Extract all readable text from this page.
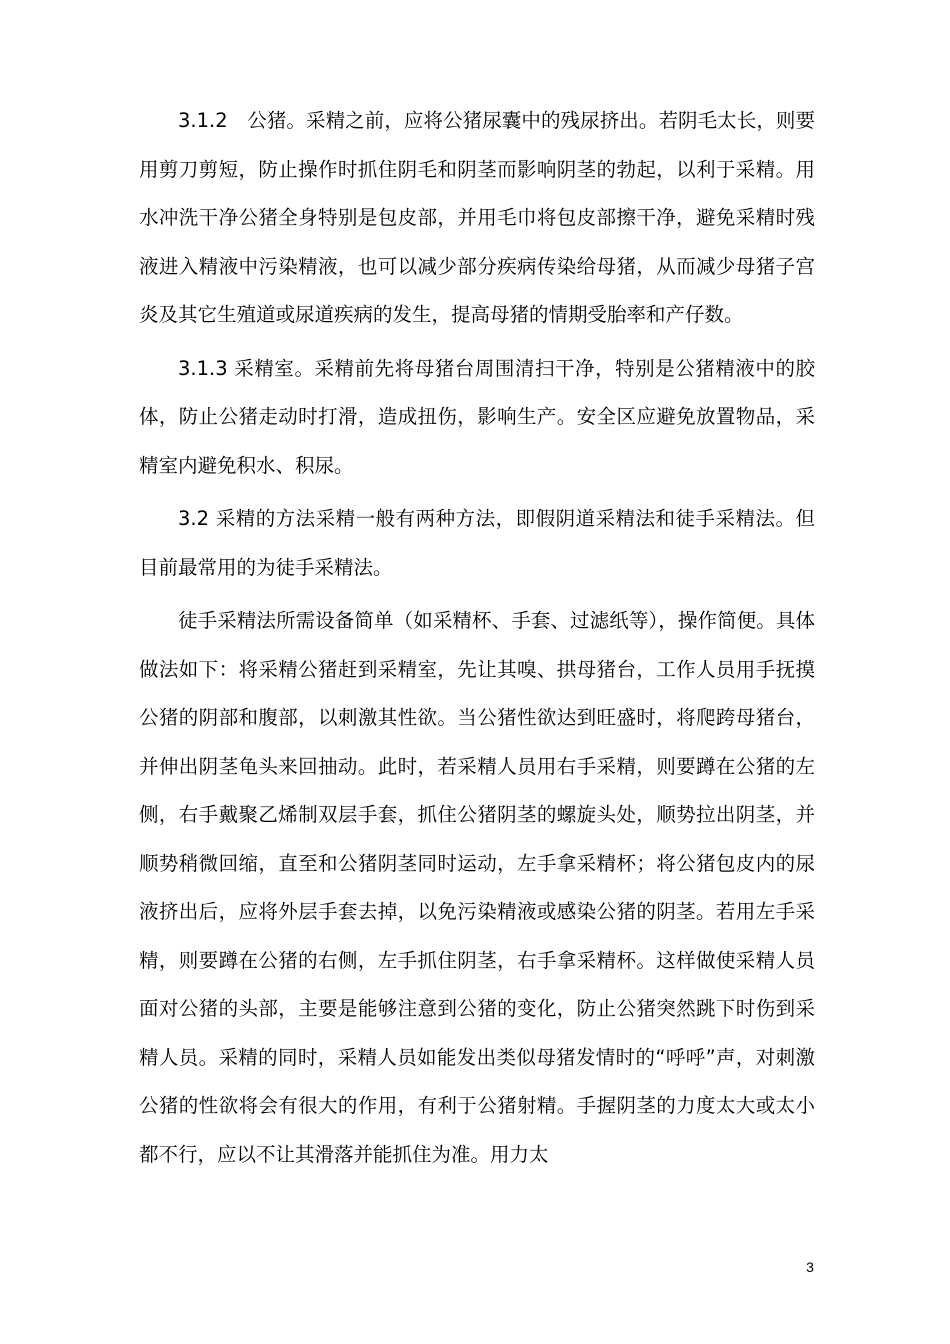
3.1.2　公猪。采精之前，应将公猪尿囊中的残尿挤出。若阴毛太长，则要用剪刀剪短，防止操作时抓住阴毛和阴茎而影响阴茎的勃起，以利于采精。用水冲洗干净公猪全身特别是包皮部，并用毛巾将包皮部擦干净，避免采精时残液进入精液中污染精液，也可以减少部分疾病传染给母猪，从而减少母猪子宫炎及其它生殖道或尿道疾病的发生，提高母猪的情期受胎率和产仔数。

3.1.3 采精室。采精前先将母猪台周围清扫干净，特别是公猪精液中的胶体，防止公猪走动时打滑，造成扭伤，影响生产。安全区应避免放置物品，采精室内避免积水、积尿。

3.2 采精的方法采精一般有两种方法，即假阴道采精法和徒手采精法。但目前最常用的为徒手采精法。

徒手采精法所需设备简单（如采精杯、手套、过滤纸等），操作简便。具体做法如下：将采精公猪赶到采精室，先让其嗅、拱母猪台，工作人员用手抚摸公猪的阴部和腹部，以刺激其性欲。当公猪性欲达到旺盛时，将爬跨母猪台，并伸出阴茎龟头来回抽动。此时，若采精人员用右手采精，则要蹲在公猪的左侧，右手戴聚乙烯制双层手套，抓住公猪阴茎的螺旋头处，顺势拉出阴茎，并顺势稍微回缩，直至和公猪阴茎同时运动，左手拿采精杯；将公猪包皮内的尿液挤出后，应将外层手套去掉，以免污染精液或感染公猪的阴茎。若用左手采精，则要蹲在公猪的右侧，左手抓住阴茎，右手拿采精杯。这样做使采精人员面对公猪的头部，主要是能够注意到公猪的变化，防止公猪突然跳下时伤到采精人员。采精的同时，采精人员如能发出类似母猪发情时的“呼呼”声，对刺激公猪的性欲将会有很大的作用，有利于公猪射精。手握阴茎的力度太大或太小都不行，应以不让其滑落并能抓住为准。用力太

3
